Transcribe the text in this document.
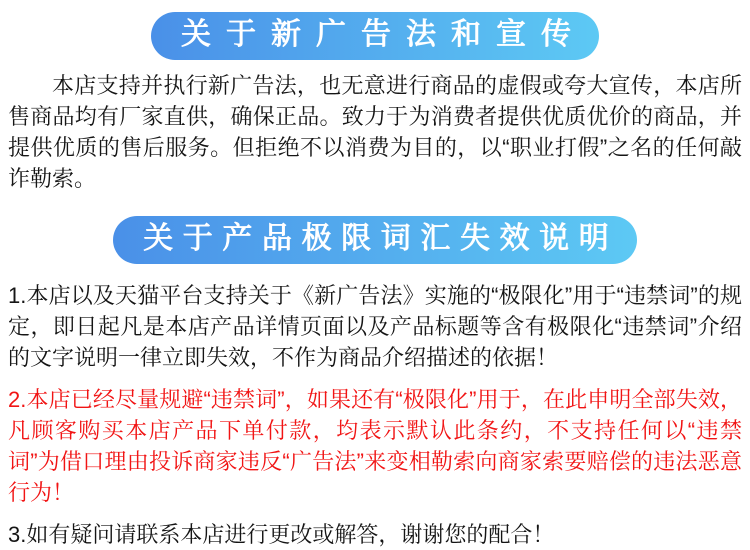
关于新广告法和宣传

本店支持并执行新广告法，也无意进行商品的虚假或夸大宣传，本店所售商品均有厂家直供，确保正品。致力于为消费者提供优质优价的商品，并提供优质的售后服务。但拒绝不以消费为目的，以“职业打假”之名的任何敲诈勒索。

关于产品极限词汇失效说明

1.本店以及天猫平台支持关于《新广告法》实施的“极限化”用于“违禁词”的规定，即日起凡是本店产品详情页面以及产品标题等含有极限化“违禁词”介绍的文字说明一律立即失效，不作为商品介绍描述的依据！

2.本店已经尽量规避“违禁词”，如果还有“极限化”用于，在此申明全部失效，凡顾客购买本店产品下单付款，均表示默认此条约，不支持任何以“违禁词”为借口理由投诉商家违反“广告法”来变相勒索向商家索要赔偿的违法恶意行为！

3.如有疑问请联系本店进行更改或解答，谢谢您的配合！
